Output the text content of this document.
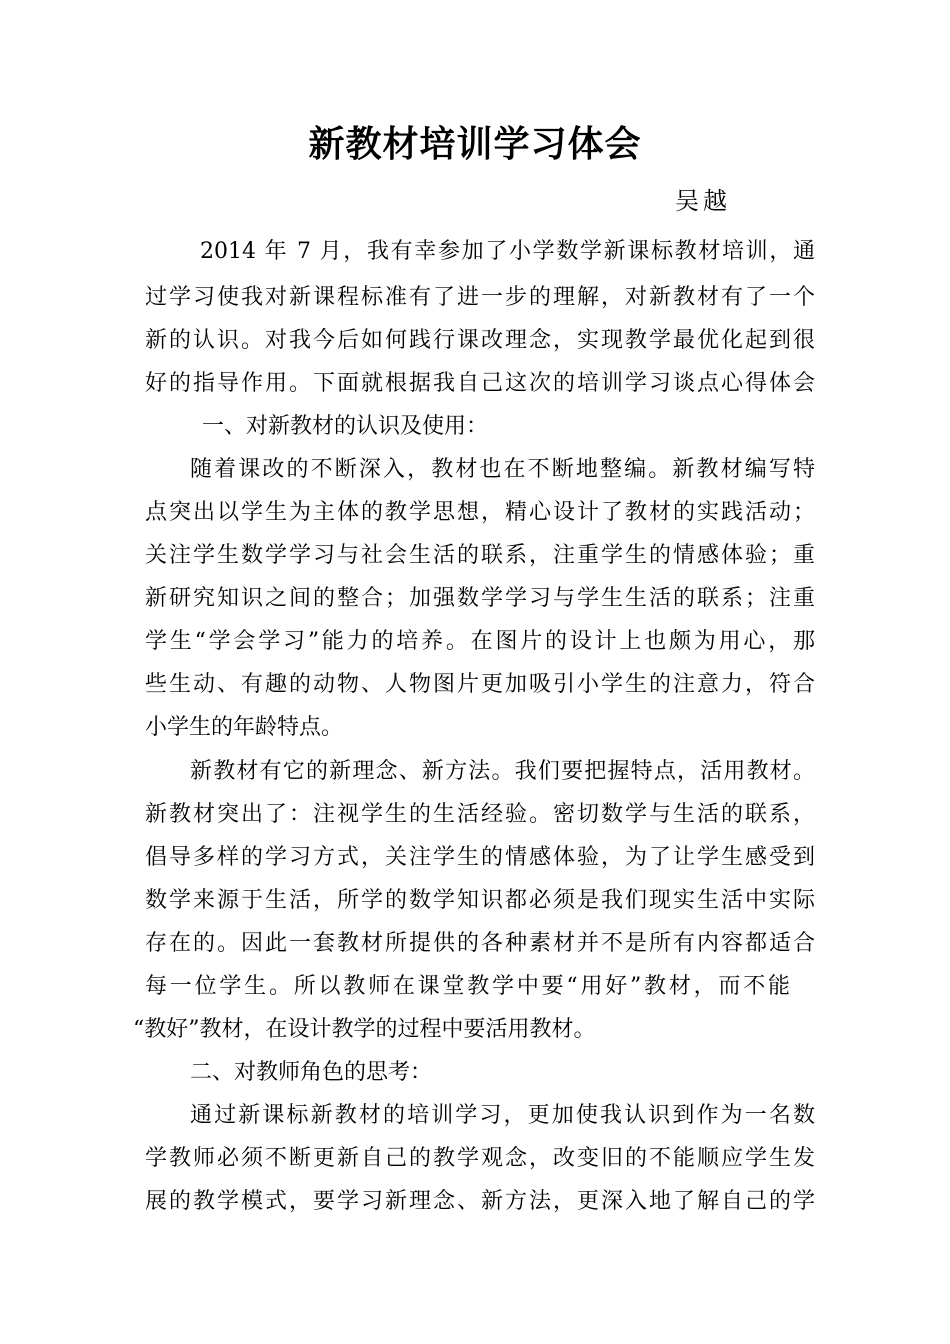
新教材培训学习体会
吴越
2014 年 7 月，我有幸参加了小学数学新课标教材培训，通
过学习使我对新课程标准有了进一步的理解，对新教材有了一个
新的认识。对我今后如何践行课改理念，实现教学最优化起到很
好的指导作用。下面就根据我自己这次的培训学习谈点心得体会
一、对新教材的认识及使用：
随着课改的不断深入，教材也在不断地整编。新教材编写特
点突出以学生为主体的教学思想，精心设计了教材的实践活动；
关注学生数学学习与社会生活的联系，注重学生的情感体验；重
新研究知识之间的整合；加强数学学习与学生生活的联系；注重
学生“学会学习”能力的培养。在图片的设计上也颇为用心，那
些生动、有趣的动物、人物图片更加吸引小学生的注意力，符合
小学生的年龄特点。
新教材有它的新理念、新方法。我们要把握特点，活用教材。
新教材突出了：注视学生的生活经验。密切数学与生活的联系，
倡导多样的学习方式，关注学生的情感体验，为了让学生感受到
数学来源于生活，所学的数学知识都必须是我们现实生活中实际
存在的。因此一套教材所提供的各种素材并不是所有内容都适合
每一位学生。所以教师在课堂教学中要“用好”教材，而不能
“教好”教材，在设计教学的过程中要活用教材。
二、对教师角色的思考：
通过新课标新教材的培训学习，更加使我认识到作为一名数
学教师必须不断更新自己的教学观念，改变旧的不能顺应学生发
展的教学模式，要学习新理念、新方法，更深入地了解自己的学
